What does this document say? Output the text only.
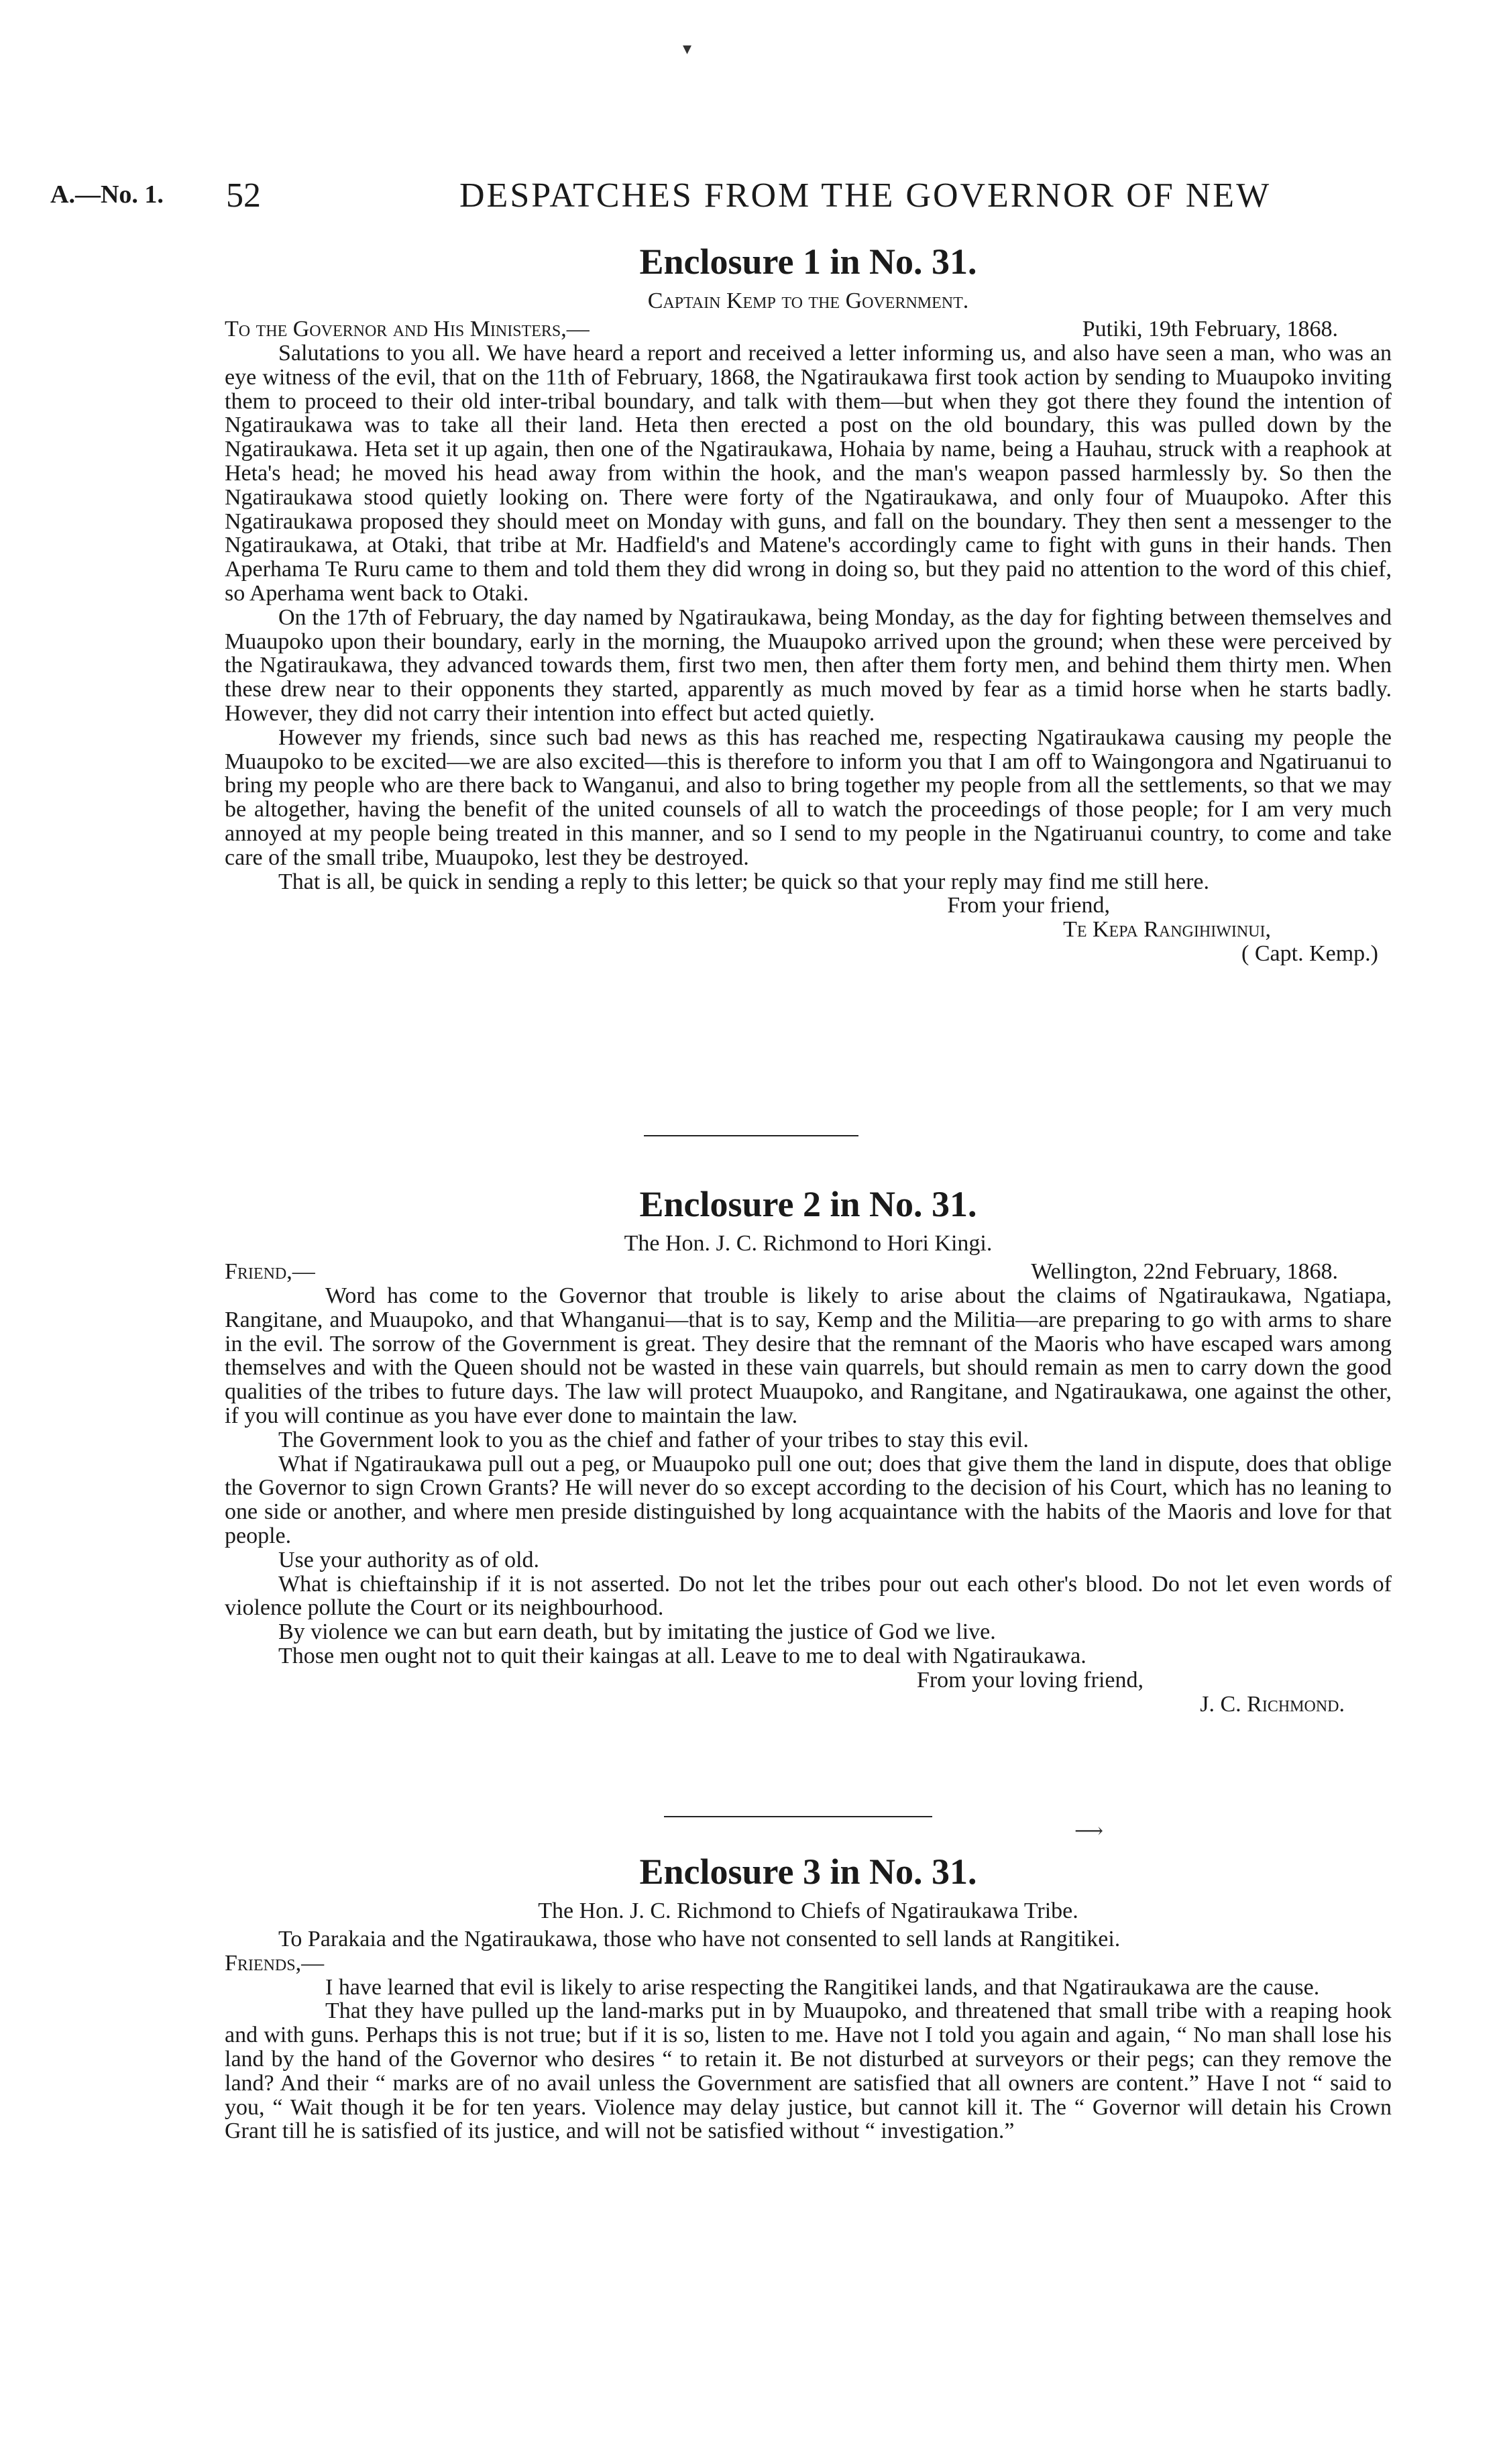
▾
A.—No. 1. 52	DESPATCHES FROM THE GOVERNOR OF NEW
Enclosure 1 in No. 31.
Captain Kemp to the Government.
To the Governor and His Ministers,—	Putiki, 19th February, 1868.

Salutations to you all. We have heard a report and received a letter informing us, and also have seen a man, who was an eye witness of the evil, that on the 11th of February, 1868, the Ngatiraukawa first took action by sending to Muaupoko inviting them to proceed to their old inter-tribal boundary, and talk with them—but when they got there they found the intention of Ngatiraukawa was to take all their land. Heta then erected a post on the old boundary, this was pulled down by the Ngatiraukawa. Heta set it up again, then one of the Ngatiraukawa, Hohaia by name, being a Hauhau, struck with a reaphook at Heta's head; he moved his head away from within the hook, and the man's weapon passed harmlessly by. So then the Ngatiraukawa stood quietly looking on. There were forty of the Ngatiraukawa, and only four of Muaupoko. After this Ngatiraukawa proposed they should meet on Monday with guns, and fall on the boundary. They then sent a messenger to the Ngatiraukawa, at Otaki, that tribe at Mr. Hadfield's and Matene's accordingly came to fight with guns in their hands. Then Aperhama Te Ruru came to them and told them they did wrong in doing so, but they paid no attention to the word of this chief, so Aperhama went back to Otaki.

On the 17th of February, the day named by Ngatiraukawa, being Monday, as the day for fighting between themselves and Muaupoko upon their boundary, early in the morning, the Muaupoko arrived upon the ground; when these were perceived by the Ngatiraukawa, they advanced towards them, first two men, then after them forty men, and behind them thirty men. When these drew near to their opponents they started, apparently as much moved by fear as a timid horse when he starts badly. However, they did not carry their intention into effect but acted quietly.

However my friends, since such bad news as this has reached me, respecting Ngatiraukawa causing my people the Muaupoko to be excited—we are also excited—this is therefore to inform you that I am off to Waingongora and Ngatiruanui to bring my people who are there back to Wanganui, and also to bring together my people from all the settlements, so that we may be altogether, having the benefit of the united counsels of all to watch the proceedings of those people; for I am very much annoyed at my people being treated in this manner, and so I send to my people in the Ngatiruanui country, to come and take care of the small tribe, Muaupoko, lest they be destroyed.

That is all, be quick in sending a reply to this letter; be quick so that your reply may find me still here.

From your friend,
Te Kepa Rangihiwinui,
( Capt. Kemp.)
Enclosure 2 in No. 31.
The Hon. J. C. Richmond to Hori Kingi.
Friend,—	Wellington, 22nd February, 1868.

Word has come to the Governor that trouble is likely to arise about the claims of Ngatiraukawa, Ngatiapa, Rangitane, and Muaupoko, and that Whanganui—that is to say, Kemp and the Militia—are preparing to go with arms to share in the evil. The sorrow of the Government is great. They desire that the remnant of the Maoris who have escaped wars among themselves and with the Queen should not be wasted in these vain quarrels, but should remain as men to carry down the good qualities of the tribes to future days. The law will protect Muaupoko, and Rangitane, and Ngatiraukawa, one against the other, if you will continue as you have ever done to maintain the law.

The Government look to you as the chief and father of your tribes to stay this evil.

What if Ngatiraukawa pull out a peg, or Muaupoko pull one out; does that give them the land in dispute, does that oblige the Governor to sign Crown Grants? He will never do so except according to the decision of his Court, which has no leaning to one side or another, and where men preside distinguished by long acquaintance with the habits of the Maoris and love for that people.

Use your authority as of old.

What is chieftainship if it is not asserted. Do not let the tribes pour out each other's blood. Do not let even words of violence pollute the Court or its neighbourhood.

By violence we can but earn death, but by imitating the justice of God we live.

Those men ought not to quit their kaingas at all. Leave to me to deal with Ngatiraukawa.

From your loving friend,
J. C. Richmond.
⟶
Enclosure 3 in No. 31.
The Hon. J. C. Richmond to Chiefs of Ngatiraukawa Tribe.

To Parakaia and the Ngatiraukawa, those who have not consented to sell lands at Rangitikei.

Friends,—

I have learned that evil is likely to arise respecting the Rangitikei lands, and that Ngatiraukawa are the cause.

That they have pulled up the land-marks put in by Muaupoko, and threatened that small tribe with a reaping hook and with guns. Perhaps this is not true; but if it is so, listen to me. Have not I told you again and again, “ No man shall lose his land by the hand of the Governor who desires “ to retain it. Be not disturbed at surveyors or their pegs; can they remove the land? And their “ marks are of no avail unless the Government are satisfied that all owners are content.” Have I not “ said to you, “ Wait though it be for ten years. Violence may delay justice, but cannot kill it. The “ Governor will detain his Crown Grant till he is satisfied of its justice, and will not be satisfied without “ investigation.”
